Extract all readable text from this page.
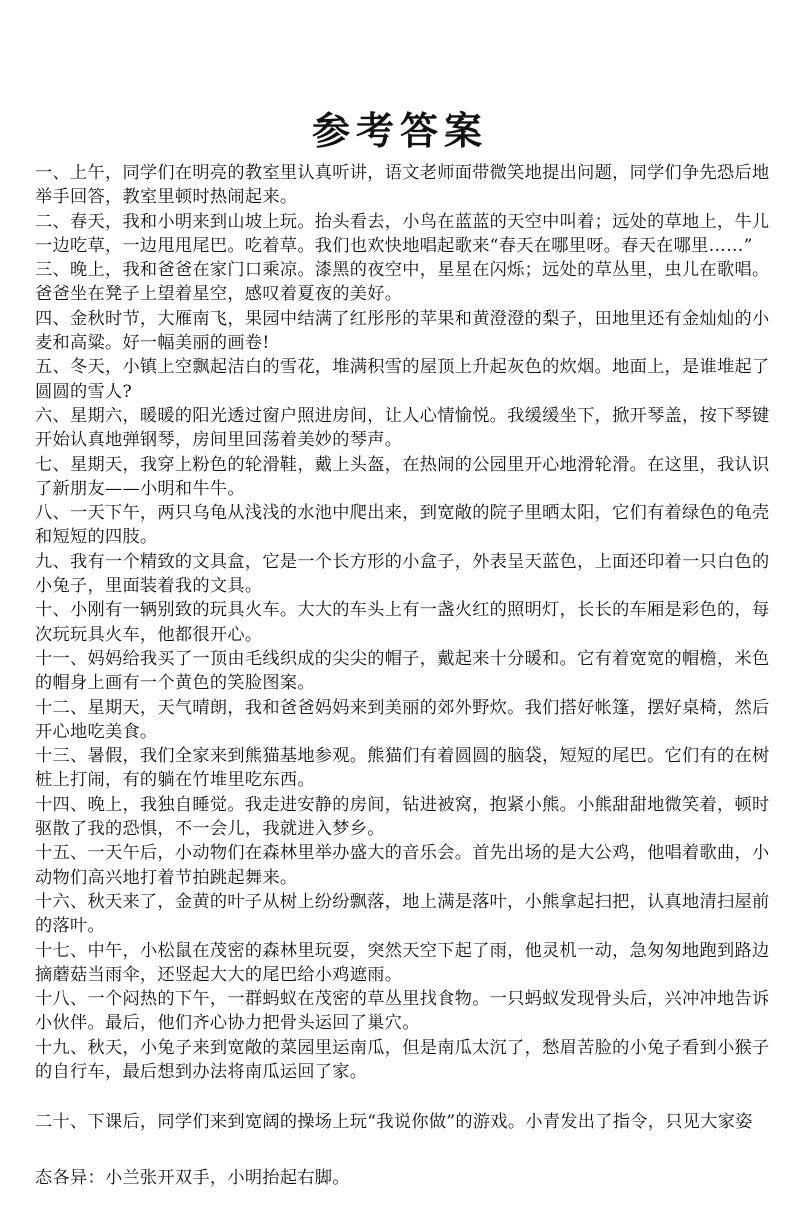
参考答案

一、上午，同学们在明亮的教室里认真听讲，语文老师面带微笑地提出问题，同学们争先恐后地举手回答，教室里顿时热闹起来。

二、春天，我和小明来到山坡上玩。抬头看去，小鸟在蓝蓝的天空中叫着；远处的草地上，牛儿一边吃草，一边甩甩尾巴。吃着草。我们也欢快地唱起歌来“春天在哪里呀。春天在哪里……”

三、晚上，我和爸爸在家门口乘凉。漆黑的夜空中，星星在闪烁；远处的草丛里，虫儿在歌唱。爸爸坐在凳子上望着星空，感叹着夏夜的美好。

四、金秋时节，大雁南飞，果园中结满了红彤彤的苹果和黄澄澄的梨子，田地里还有金灿灿的小麦和高粱。好一幅美丽的画卷!

五、冬天，小镇上空飘起洁白的雪花，堆满积雪的屋顶上升起灰色的炊烟。地面上，是谁堆起了圆圆的雪人?

六、星期六，暖暖的阳光透过窗户照进房间，让人心情愉悦。我缓缓坐下，掀开琴盖，按下琴键开始认真地弹钢琴，房间里回荡着美妙的琴声。

七、星期天，我穿上粉色的轮滑鞋，戴上头盔，在热闹的公园里开心地滑轮滑。在这里，我认识了新朋友——小明和牛牛。

八、一天下午，两只乌龟从浅浅的水池中爬出来，到宽敞的院子里晒太阳，它们有着绿色的龟壳和短短的四肢。

九、我有一个精致的文具盒，它是一个长方形的小盒子，外表呈天蓝色，上面还印着一只白色的小兔子，里面装着我的文具。

十、小刚有一辆别致的玩具火车。大大的车头上有一盏火红的照明灯，长长的车厢是彩色的，每次玩玩具火车，他都很开心。

十一、妈妈给我买了一顶由毛线织成的尖尖的帽子，戴起来十分暖和。它有着宽宽的帽檐，米色的帽身上画有一个黄色的笑脸图案。

十二、星期天，天气晴朗，我和爸爸妈妈来到美丽的郊外野炊。我们搭好帐篷，摆好桌椅，然后开心地吃美食。

十三、暑假，我们全家来到熊猫基地参观。熊猫们有着圆圆的脑袋，短短的尾巴。它们有的在树桩上打闹，有的躺在竹堆里吃东西。

十四、晚上，我独自睡觉。我走进安静的房间，钻进被窝，抱紧小熊。小熊甜甜地微笑着，顿时驱散了我的恐惧，不一会儿，我就进入梦乡。

十五、一天午后，小动物们在森林里举办盛大的音乐会。首先出场的是大公鸡，他唱着歌曲，小动物们高兴地打着节拍跳起舞来。

十六、秋天来了，金黄的叶子从树上纷纷飘落，地上满是落叶，小熊拿起扫把，认真地清扫屋前的落叶。

十七、中午，小松鼠在茂密的森林里玩耍，突然天空下起了雨，他灵机一动，急匆匆地跑到路边摘蘑菇当雨伞，还竖起大大的尾巴给小鸡遮雨。

十八、一个闷热的下午，一群蚂蚁在茂密的草丛里找食物。一只蚂蚁发现骨头后，兴冲冲地告诉小伙伴。最后，他们齐心协力把骨头运回了巢穴。

十九、秋天，小兔子来到宽敞的菜园里运南瓜，但是南瓜太沉了，愁眉苦脸的小兔子看到小猴子的自行车，最后想到办法将南瓜运回了家。

二十、下课后，同学们来到宽阔的操场上玩“我说你做”的游戏。小青发出了指令，只见大家姿态各异：小兰张开双手，小明抬起右脚。
